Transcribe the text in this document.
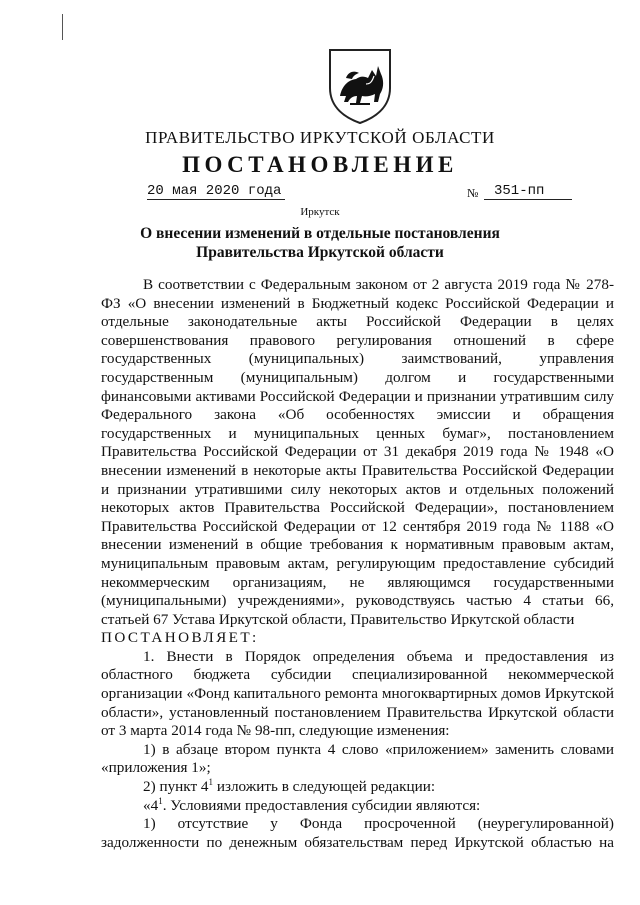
ПРАВИТЕЛЬСТВО ИРКУТСКОЙ ОБЛАСТИ
ПОСТАНОВЛЕНИЕ
20 мая 2020 года	№	351-пп
Иркутск
О внесении изменений в отдельные постановления Правительства Иркутской области

В соответствии с Федеральным законом от 2 августа 2019 года № 278-ФЗ «О внесении изменений в Бюджетный кодекс Российской Федерации и отдельные законодательные акты Российской Федерации в целях совершенствования правового регулирования отношений в сфере государственных (муниципальных) заимствований, управления государственным (муниципальным) долгом и государственными финансовыми активами Российской Федерации и признании утратившим силу Федерального закона «Об особенностях эмиссии и обращения государственных и муниципальных ценных бумаг», постановлением Правительства Российской Федерации от 31 декабря 2019 года № 1948 «О внесении изменений в некоторые акты Правительства Российской Федерации и признании утратившими силу некоторых актов и отдельных положений некоторых актов Правительства Российской Федерации», постановлением Правительства Российской Федерации от 12 сентября 2019 года № 1188 «О внесении изменений в общие требования к нормативным правовым актам, муниципальным правовым актам, регулирующим предоставление субсидий некоммерческим организациям, не являющимся государственными (муниципальными) учреждениями», руководствуясь частью 4 статьи 66, статьей 67 Устава Иркутской области, Правительство Иркутской области

ПОСТАНОВЛЯЕТ:

1. Внести в Порядок определения объема и предоставления из областного бюджета субсидии специализированной некоммерческой организации «Фонд капитального ремонта многоквартирных домов Иркутской области», установленный постановлением Правительства Иркутской области от 3 марта 2014 года № 98-пп, следующие изменения:

1) в абзаце втором пункта 4 слово «приложением» заменить словами «приложения 1»;

2) пункт $4^1$ изложить в следующей редакции:

«$4^1$. Условиями предоставления субсидии являются:

1) отсутствие у Фонда просроченной (неурегулированной) задолженности по денежным обязательствам перед Иркутской областью на
